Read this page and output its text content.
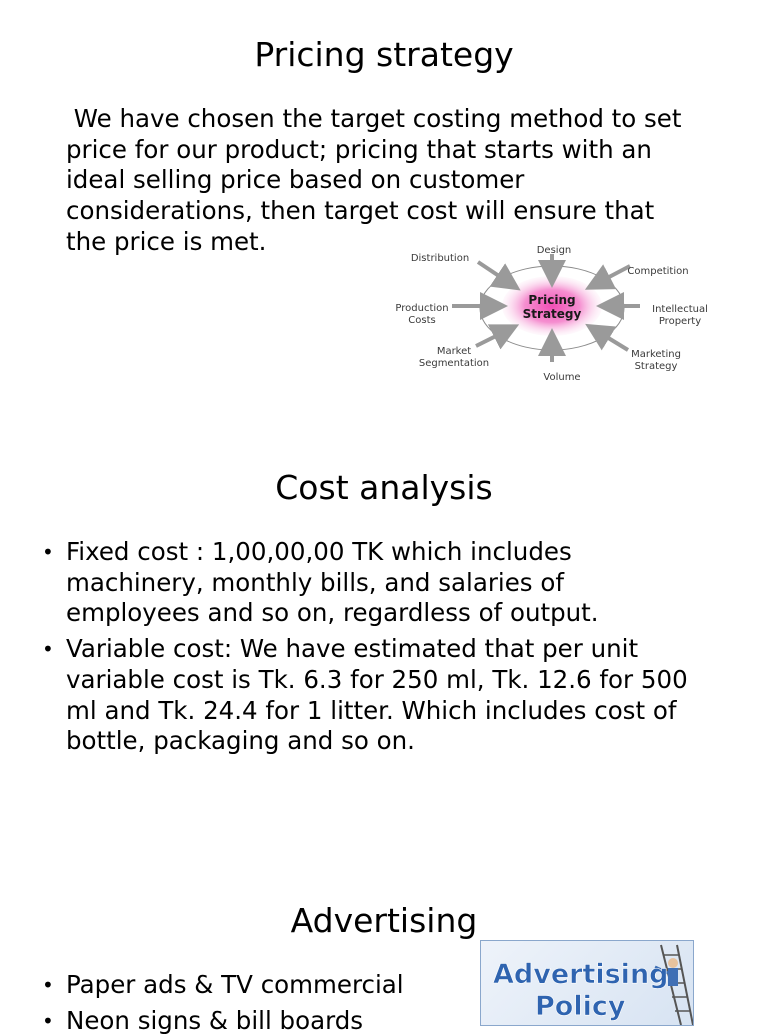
Pricing strategy

We have chosen the target costing method to set
price for our product; pricing that starts with an
ideal selling price based on customer
considerations, then target cost will ensure that
the price is met.

Pricing
Strategy
Design
Competition
Intellectual
Property
Marketing
Strategy
Volume
Market
Segmentation
Production
Costs
Distribution
Cost analysis
• Fixed cost : 1,00,00,00 TK which includes
machinery, monthly bills, and salaries of
employees and so on, regardless of output.
• Variable cost: We have estimated that per unit
variable cost is Tk. 6.3 for 250 ml, Tk. 12.6 for 500
ml and Tk. 24.4 for 1 litter. Which includes cost of
bottle, packaging and so on.
Advertising
• Paper ads & TV commercial
• Neon signs & bill boards
Advertising
Policy
